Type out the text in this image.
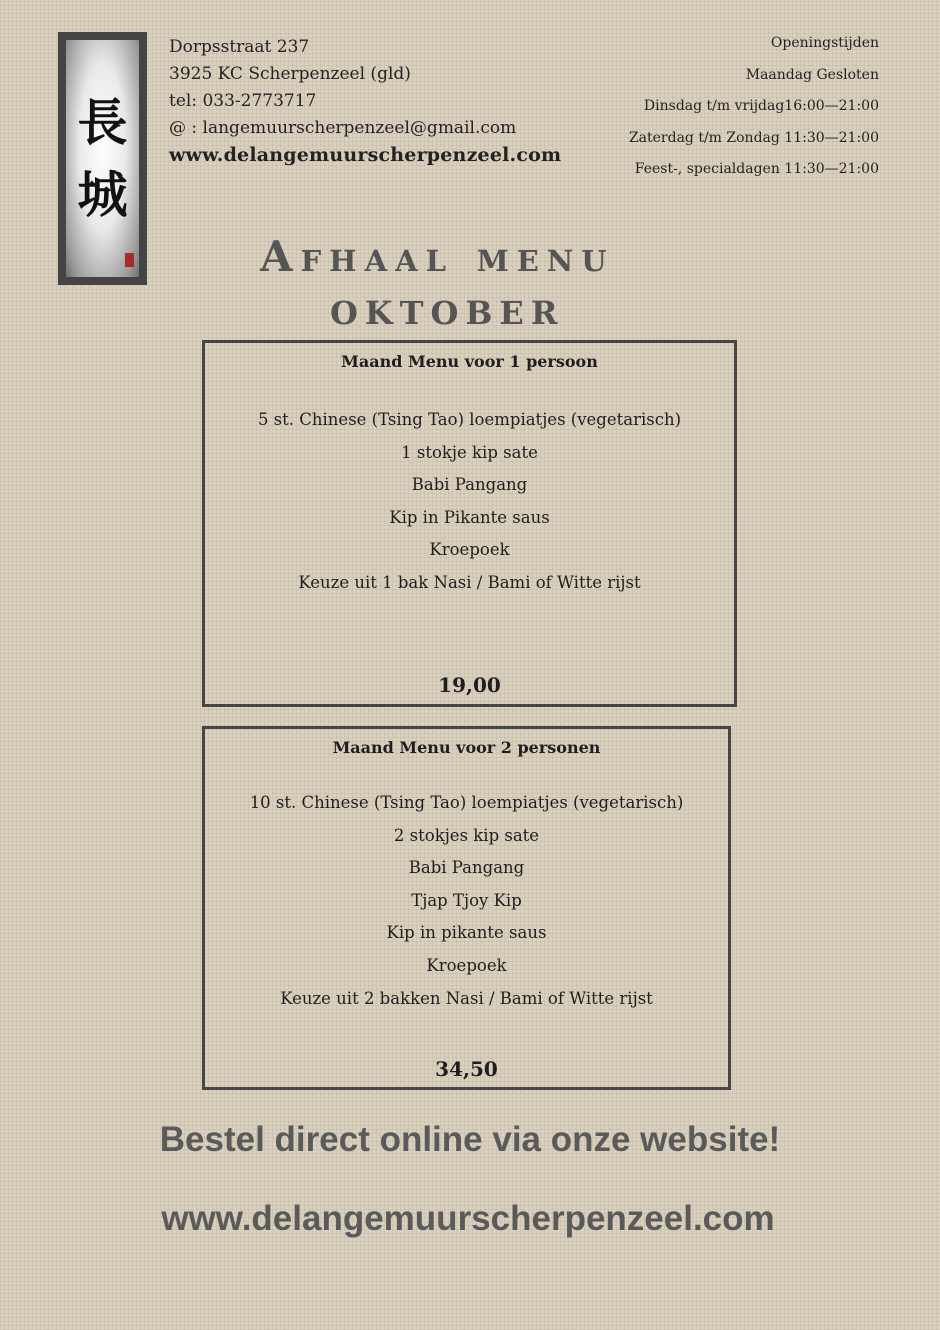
長
城
Dorpsstraat 237
3925 KC Scherpenzeel (gld)
tel: 033-2773717
@ : langemuurscherpenzeel@gmail.com
www.delangemuurscherpenzeel.com
Openingstijden
Maandag Gesloten
Dinsdag t/m vrijdag16:00—21:00
Zaterdag t/m Zondag 11:30—21:00
Feest-, specialdagen 11:30—21:00
Afhaal menu
OKTOBER

Maand Menu voor 1 persoon

5 st. Chinese (Tsing Tao) loempiatjes (vegetarisch)
1 stokje kip sate
Babi Pangang
Kip in Pikante saus
Kroepoek
Keuze uit 1 bak Nasi / Bami of Witte rijst
19,00

Maand Menu voor 2 personen

10 st. Chinese (Tsing Tao) loempiatjes (vegetarisch)
2 stokjes kip sate
Babi Pangang
Tjap Tjoy Kip
Kip in pikante saus
Kroepoek
Keuze uit 2 bakken Nasi / Bami of Witte rijst
34,50
Bestel direct online via onze website!
www.delangemuurscherpenzeel.com
